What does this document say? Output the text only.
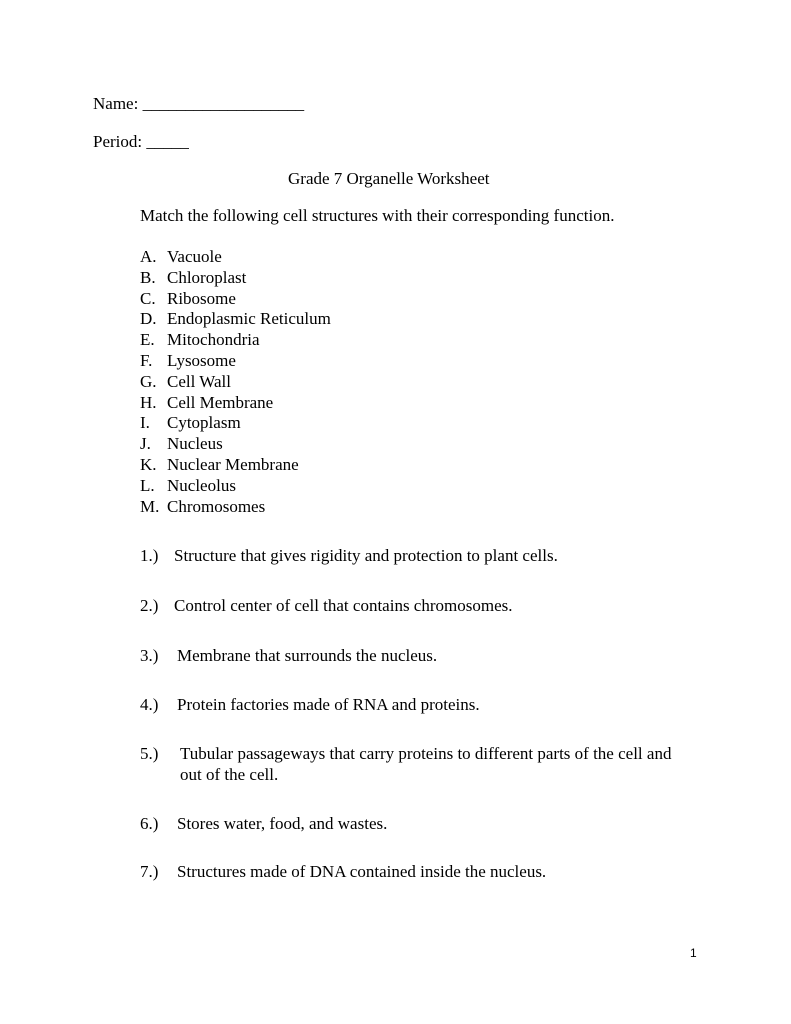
Name: ___________________
Period: _____
Grade 7 Organelle Worksheet
Match the following cell structures with their corresponding function.
A. Vacuole
B. Chloroplast
C. Ribosome
D. Endoplasmic Reticulum
E. Mitochondria
F. Lysosome
G. Cell Wall
H. Cell Membrane
I. Cytoplasm
J. Nucleus
K. Nuclear Membrane
L. Nucleolus
M. Chromosomes
1.) Structure that gives rigidity and protection to plant cells.
2.) Control center of cell that contains chromosomes.
3.) Membrane that surrounds the nucleus.
4.) Protein factories made of RNA and proteins.
5.) Tubular passageways that carry proteins to different parts of the cell and out of the cell.
6.) Stores water, food, and wastes.
7.) Structures made of DNA contained inside the nucleus.
1
